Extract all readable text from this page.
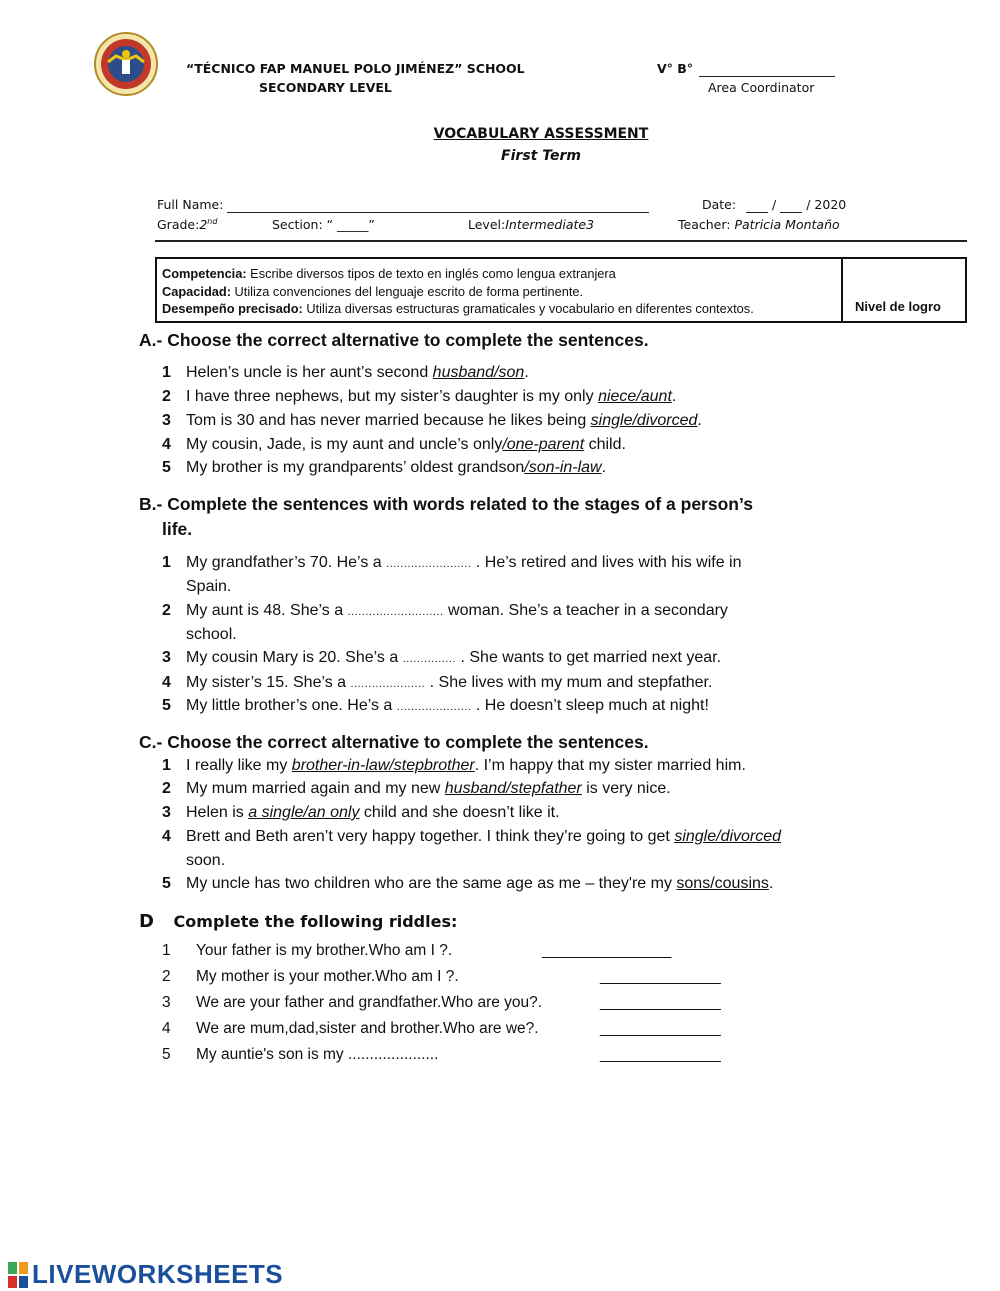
“TÉCNICO FAP MANUEL POLO JIMÉNEZ” SCHOOL
SECONDARY LEVEL
V° B°
Area Coordinator
VOCABULARY ASSESSMENT
First Term
Full Name:	Date:	/   / 2020
Grade:2nd	Section: “ _____”	Level:Intermediate3	Teacher: Patricia Montaño
Competencia: Escribe diversos tipos de texto en inglés como lengua extranjera
Capacidad: Utiliza convenciones del lenguaje escrito de forma pertinente.
Desempeño precisado: Utiliza diversas estructuras gramaticales y vocabulario en diferentes contextos.	Nivel de logro
A.- Choose the correct alternative to complete the sentences.
B.- Complete the sentences with words related to the stages of a person’s
life.
C.- Choose the correct alternative to complete the sentences.
D Complete the following riddles:
LIVEWORKSHEETS
1 Helen’s uncle is her aunt’s second husband/son.
2 I have three nephews, but my sister’s daughter is my only niece/aunt.
3 Tom is 30 and has never married because he likes being single/divorced.
4 My cousin, Jade, is my aunt and uncle’s only/one-parent child.
5 My brother is my grandparents’ oldest grandson/son-in-law.
1 My grandfather’s 70. He’s a ........................ . He’s retired and lives with his wife in
Spain.
2 My aunt is 48. She’s a ........................... woman. She’s a teacher in a secondary
school.
3 My cousin Mary is 20. She’s a ............... . She wants to get married next year.
4 My sister’s 15. She’s a ..................... . She lives with my mum and stepfather.
5 My little brother’s one. He’s a ..................... . He doesn’t sleep much at night!
1 I really like my brother-in-law/stepbrother. I’m happy that my sister married him.
2 My mum married again and my new husband/stepfather is very nice.
3 Helen is a single/an only child and she doesn’t like it.
4 Brett and Beth aren’t very happy together. I think they’re going to get single/divorced
soon.
5 My uncle has two children who are the same age as me – they're my sons/cousins.
1 Your father is my brother.Who am I ?.	_______________
2 My mother is your mother.Who am I ?.	______________
3 We are your father and grandfather.Who are you?.	______________
4 We are mum,dad,sister and brother.Who are we?.	______________
5 My auntie's son is my .....................	______________
